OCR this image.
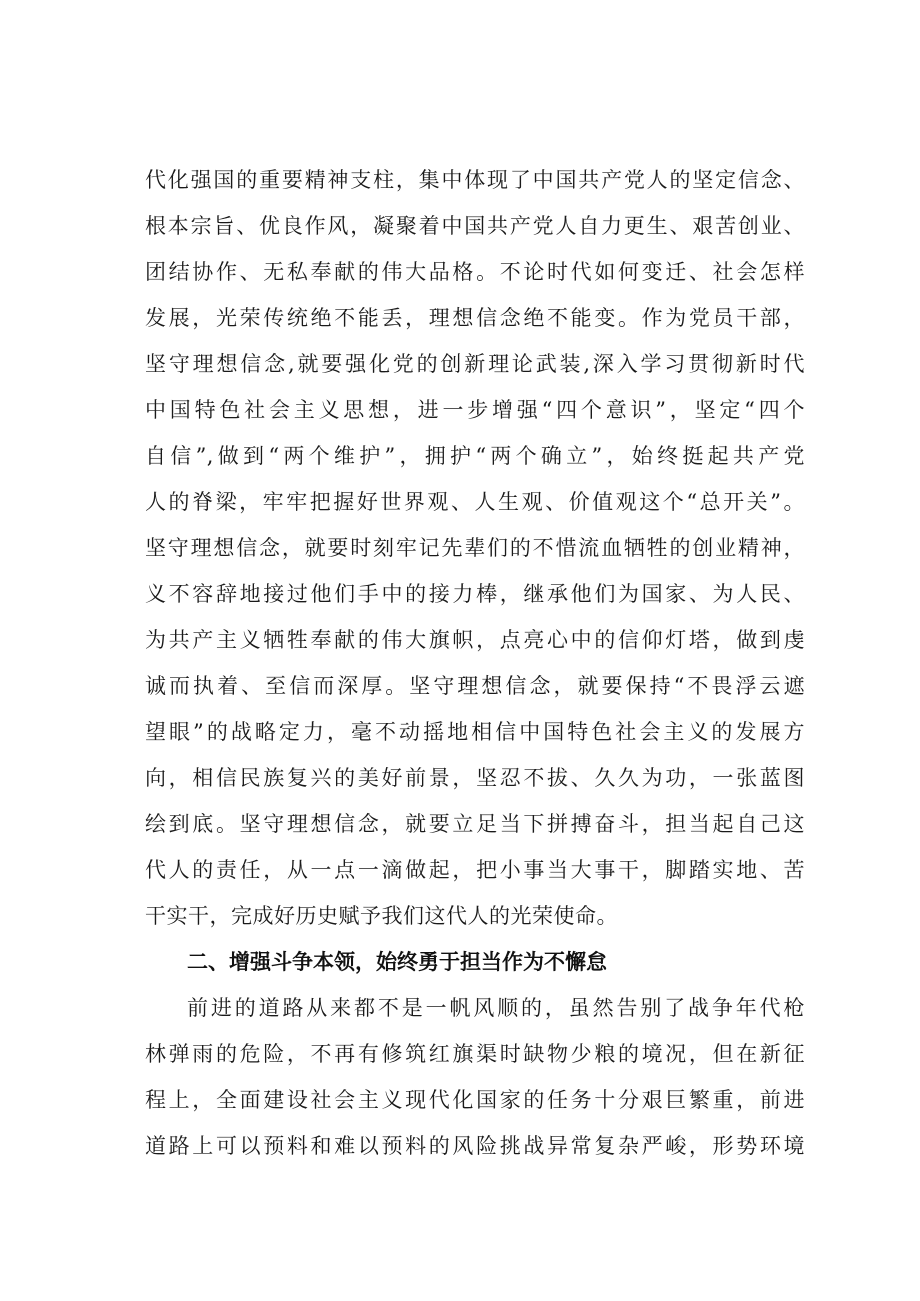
代化强国的重要精神支柱，集中体现了中国共产党人的坚定信念、
根本宗旨、优良作风，凝聚着中国共产党人自力更生、艰苦创业、
团结协作、无私奉献的伟大品格。不论时代如何变迁、社会怎样
发展，光荣传统绝不能丢，理想信念绝不能变。作为党员干部，
坚守理想信念,就要强化党的创新理论武装,深入学习贯彻新时代
中国特色社会主义思想，进一步增强“四个意识”，坚定“四个
自信”,做到“两个维护”，拥护“两个确立”，始终挺起共产党
人的脊梁，牢牢把握好世界观、人生观、价值观这个“总开关”。
坚守理想信念，就要时刻牢记先辈们的不惜流血牺牲的创业精神，
义不容辞地接过他们手中的接力棒，继承他们为国家、为人民、
为共产主义牺牲奉献的伟大旗帜，点亮心中的信仰灯塔，做到虔
诚而执着、至信而深厚。坚守理想信念，就要保持“不畏浮云遮
望眼”的战略定力，毫不动摇地相信中国特色社会主义的发展方
向，相信民族复兴的美好前景，坚忍不拔、久久为功，一张蓝图
绘到底。坚守理想信念，就要立足当下拼搏奋斗，担当起自己这
代人的责任，从一点一滴做起，把小事当大事干，脚踏实地、苦
干实干，完成好历史赋予我们这代人的光荣使命。
二、增强斗争本领，始终勇于担当作为不懈怠
前进的道路从来都不是一帆风顺的，虽然告别了战争年代枪
林弹雨的危险，不再有修筑红旗渠时缺物少粮的境况，但在新征
程上，全面建设社会主义现代化国家的任务十分艰巨繁重，前进
道路上可以预料和难以预料的风险挑战异常复杂严峻，形势环境
